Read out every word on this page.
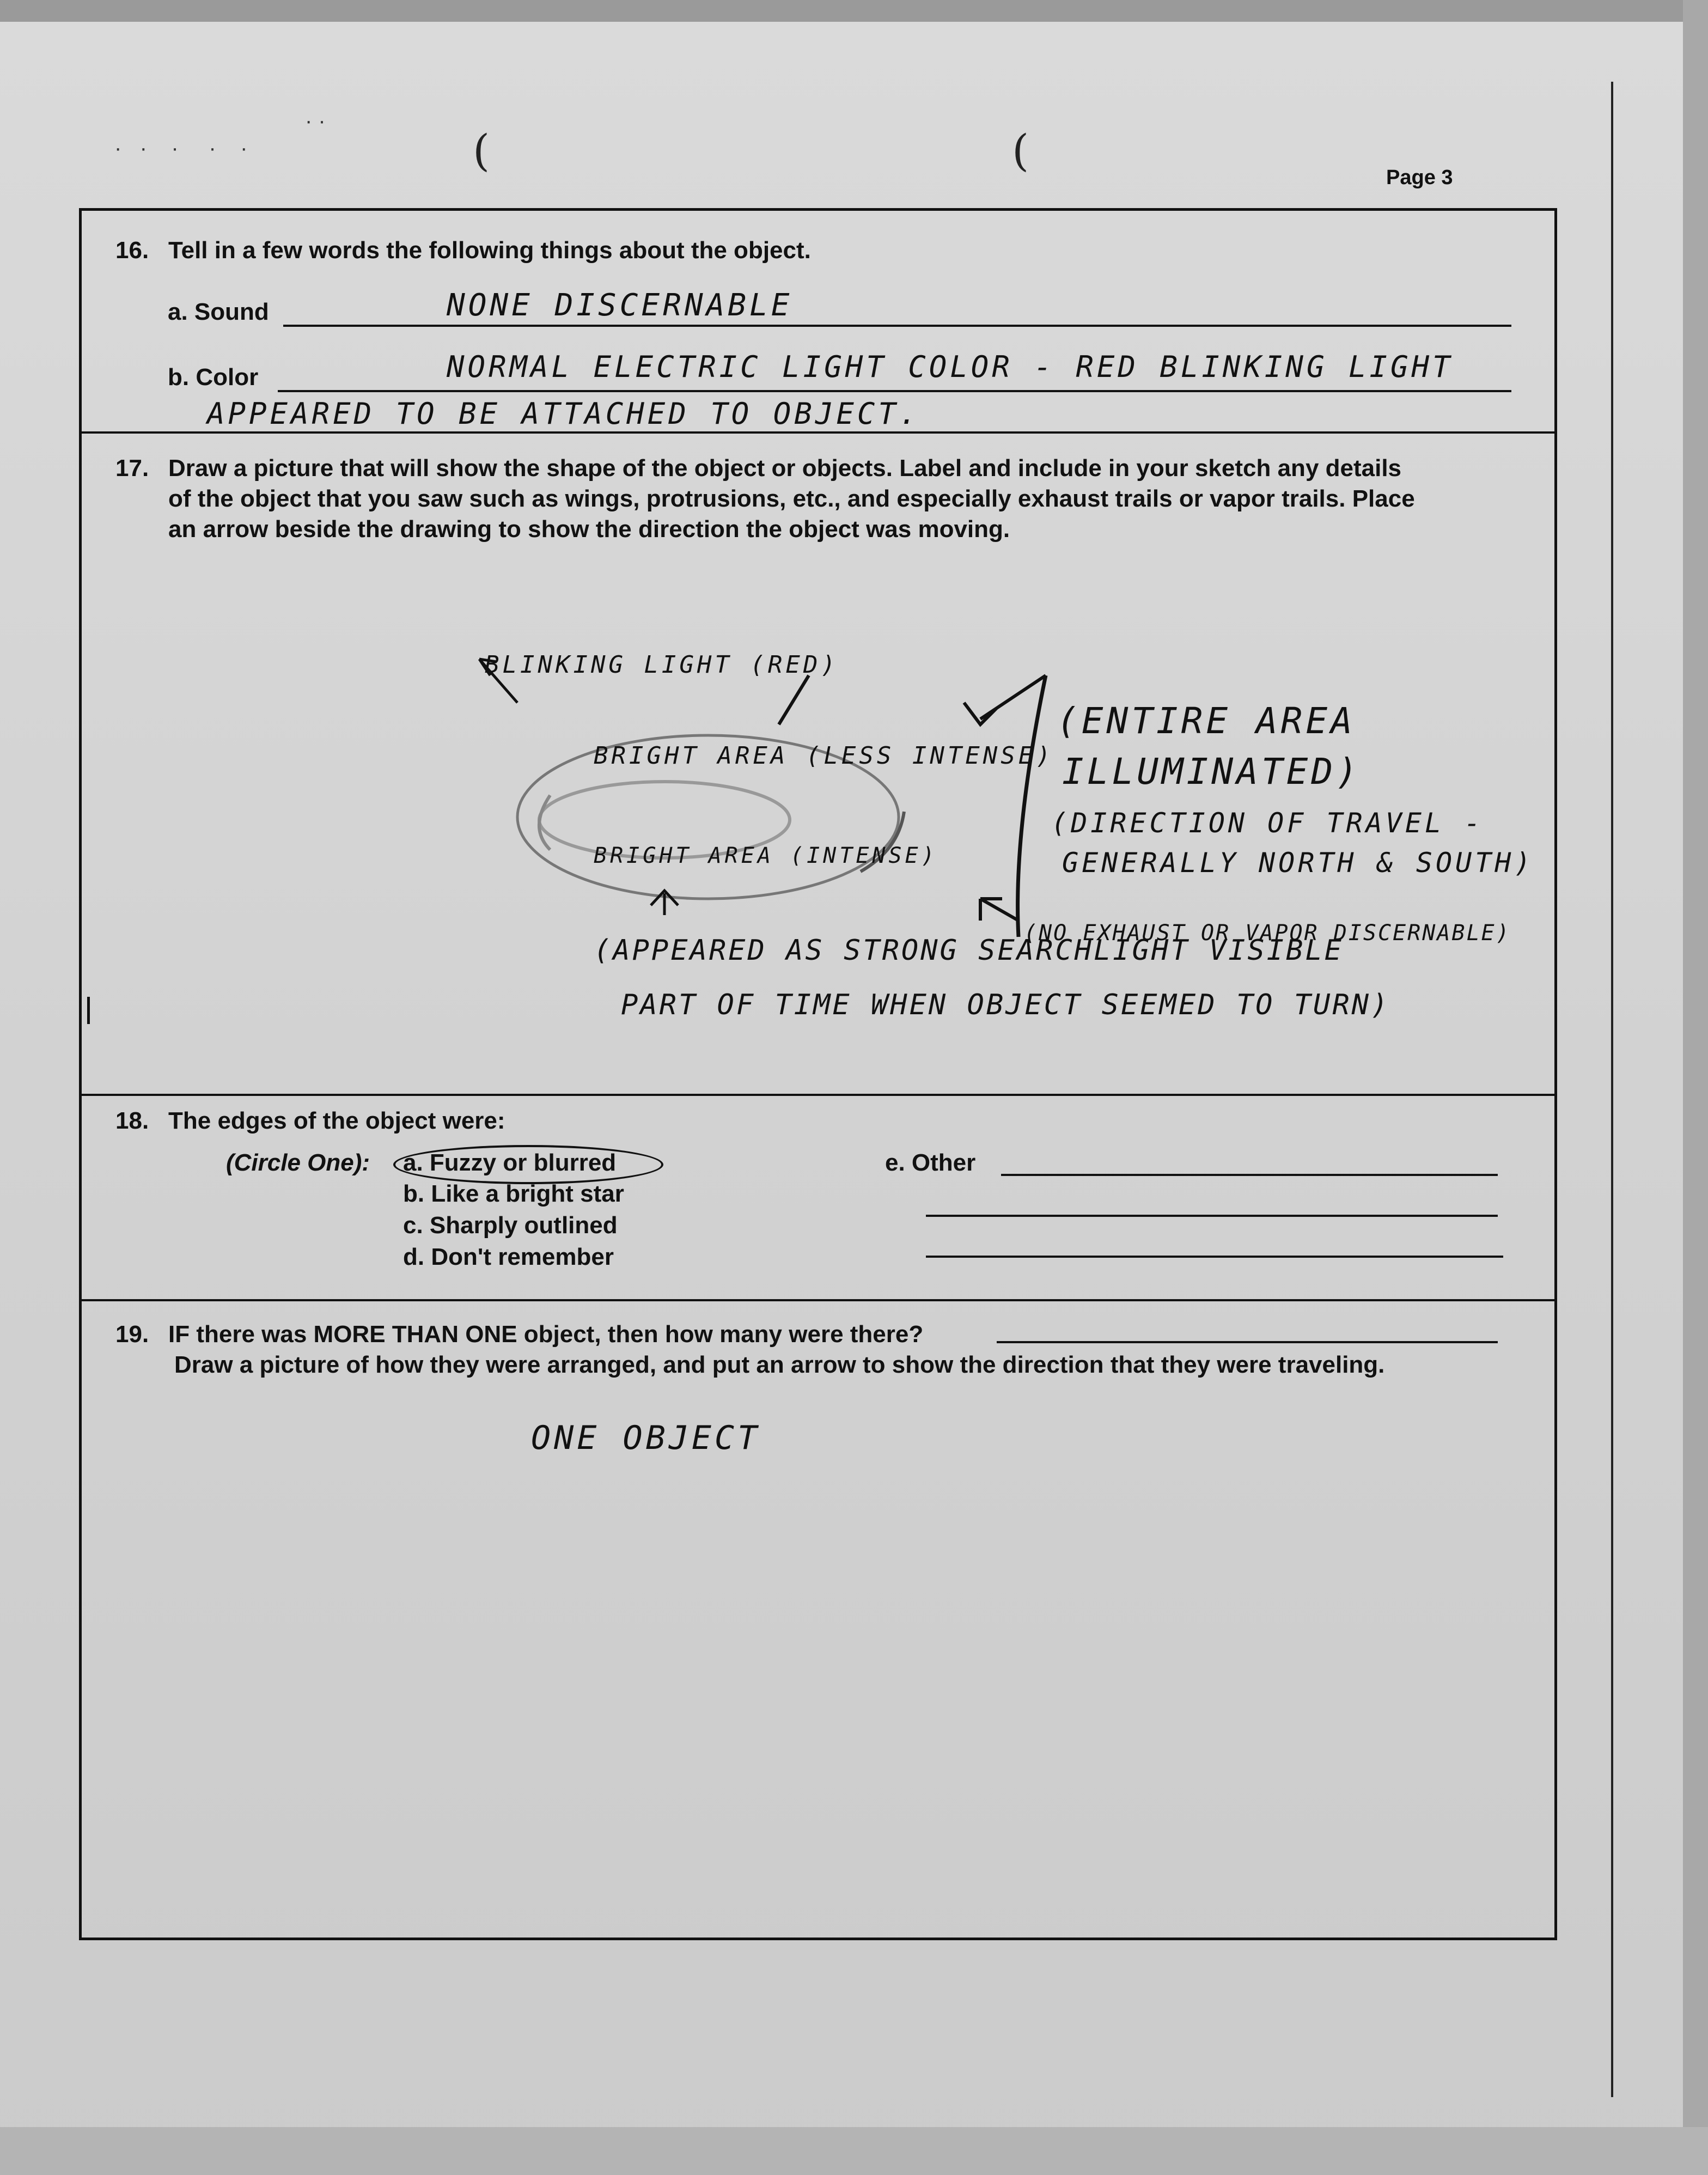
·   ·    ·     ·    ·
· ·
(	(
Page 3
16. Tell in a few words the following things about the object.
a. Sound	NONE DISCERNABLE
b. Color	NORMAL ELECTRIC LIGHT COLOR - RED BLINKING LIGHT
APPEARED TO BE ATTACHED TO OBJECT.
17. Draw a picture that will show the shape of the object or objects. Label and include in your sketch any details
of the object that you saw such as wings, protrusions, etc., and especially exhaust trails or vapor trails. Place
an arrow beside the drawing to show the direction the object was moving.
BLINKING LIGHT (RED)
BRIGHT AREA (LESS INTENSE)
BRIGHT AREA (INTENSE)
(ENTIRE AREA
ILLUMINATED)
(DIRECTION OF TRAVEL -
GENERALLY NORTH & SOUTH)
(NO EXHAUST OR VAPOR DISCERNABLE)
(APPEARED AS STRONG SEARCHLIGHT VISIBLE
PART OF TIME WHEN OBJECT SEEMED TO TURN)
18. The edges of the object were:
(Circle One): a. Fuzzy or blurred
b. Like a bright star
c. Sharply outlined
d. Don't remember
e. Other
19. IF there was MORE THAN ONE object, then how many were there?
Draw a picture of how they were arranged, and put an arrow to show the direction that they were traveling.
ONE OBJECT
